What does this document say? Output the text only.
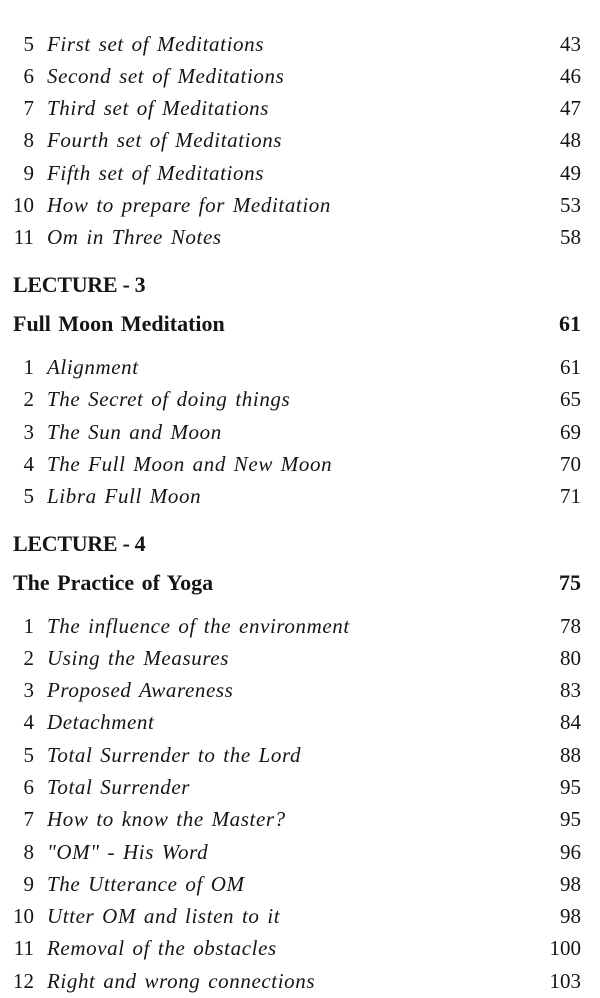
5 First set of Meditations	43
6 Second set of Meditations	46
7 Third set of Meditations	47
8 Fourth set of Meditations	48
9 Fifth set of Meditations	49
10 How to prepare for Meditation	53
11 Om in Three Notes	58
LECTURE - 3
Full Moon Meditation	61
1 Alignment	61
2 The Secret of doing things	65
3 The Sun and Moon	69
4 The Full Moon and New Moon	70
5 Libra Full Moon	71
LECTURE - 4
The Practice of Yoga	75
1 The influence of the environment	78
2 Using the Measures	80
3 Proposed Awareness	83
4 Detachment	84
5 Total Surrender to the Lord	88
6 Total Surrender	95
7 How to know the Master?	95
8 "OM" - His Word	96
9 The Utterance of OM	98
10 Utter OM and listen to it	98
11 Removal of the obstacles	100
12 Right and wrong connections	103
